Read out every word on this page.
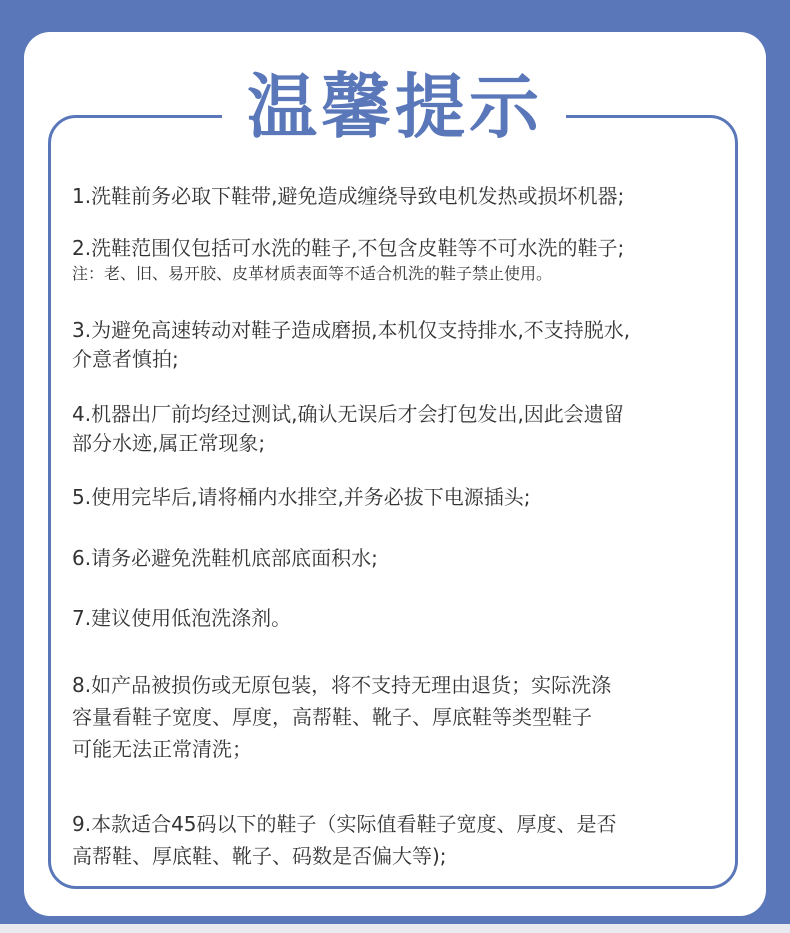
温馨提示
1.洗鞋前务必取下鞋带,避免造成缠绕导致电机发热或损坏机器;
2.洗鞋范围仅包括可水洗的鞋子,不包含皮鞋等不可水洗的鞋子;
注：老、旧、易开胶、皮革材质表面等不适合机洗的鞋子禁止使用。
3.为避免高速转动对鞋子造成磨损,本机仅支持排水,不支持脱水,
介意者慎拍;
4.机器出厂前均经过测试,确认无误后才会打包发出,因此会遗留
部分水迹,属正常现象;
5.使用完毕后,请将桶内水排空,并务必拔下电源插头;
6.请务必避免洗鞋机底部底面积水;
7.建议使用低泡洗涤剂。
8.如产品被损伤或无原包装，将不支持无理由退货；实际洗涤
容量看鞋子宽度、厚度，高帮鞋、靴子、厚底鞋等类型鞋子
可能无法正常清洗；
9.本款适合45码以下的鞋子（实际值看鞋子宽度、厚度、是否
高帮鞋、厚底鞋、靴子、码数是否偏大等);
